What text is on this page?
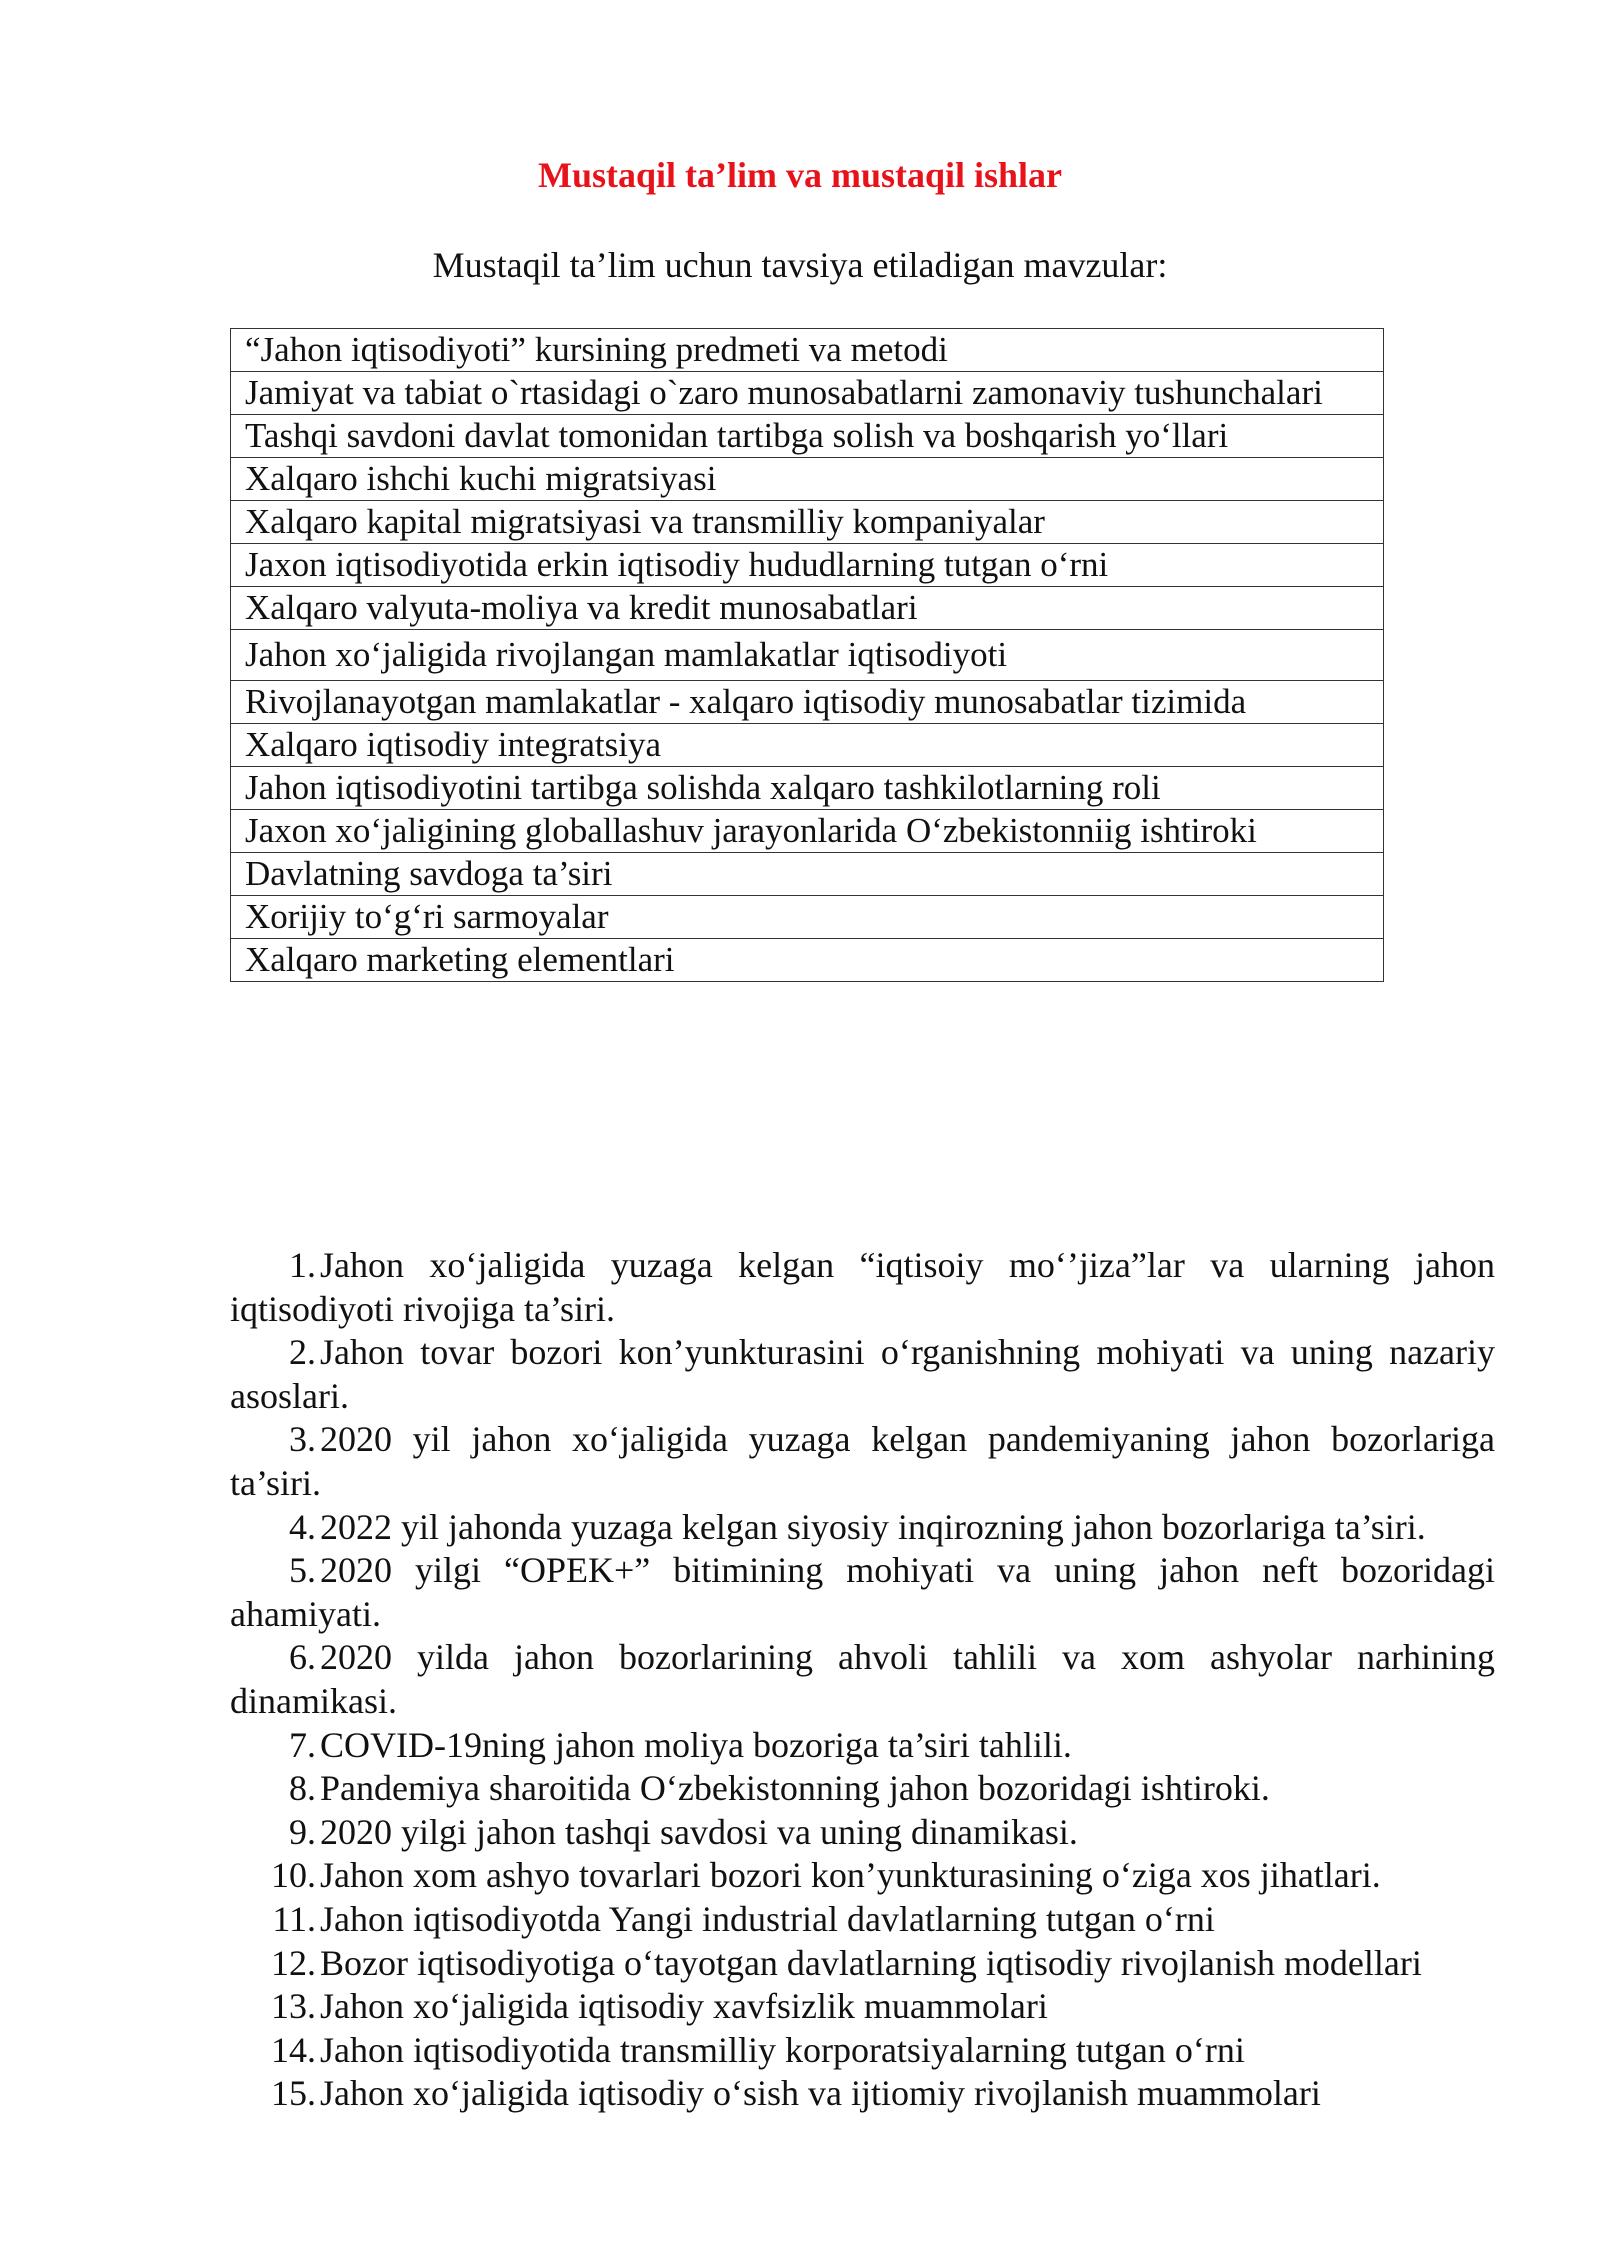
Mustaqil ta’lim va mustaqil ishlar
Mustaqil ta’lim uchun tavsiya etiladigan mavzular:
“Jahon iqtisodiyoti” kursining predmeti va metodi
Jamiyat va tabiat o`rtasidagi o`zaro munosabatlarni zamonaviy tushunchalari
Tashqi savdoni davlat tomonidan tartibga solish va boshqarish yo‘llari
Xalqaro ishchi kuchi migratsiyasi
Xalqaro kapital migratsiyasi va transmilliy kompaniyalar
Jaxon iqtisodiyotida erkin iqtisodiy hududlarning tutgan o‘rni
Xalqaro valyuta-moliya va kredit munosabatlari
Jahon xo‘jaligida rivojlangan mamlakatlar iqtisodiyoti
Rivojlanayotgan mamlakatlar - xalqaro iqtisodiy munosabatlar tizimida
Xalqaro iqtisodiy integratsiya
Jahon iqtisodiyotini tartibga solishda xalqaro tashkilotlarning roli
Jaxon xo‘jaligining globallashuv jarayonlarida O‘zbekistonniig ishtiroki
Davlatning savdoga ta’siri
Xorijiy to‘g‘ri sarmoyalar
Xalqaro marketing elementlari
1. Jahon xo‘jaligida yuzaga kelgan “iqtisoiy mo‘’jiza”lar va ularning jahon iqtisodiyoti rivojiga ta’siri.
2. Jahon tovar bozori kon’yunkturasini o‘rganishning mohiyati va uning nazariy asoslari.
3. 2020 yil jahon xo‘jaligida yuzaga kelgan pandemiyaning jahon bozorlariga ta’siri.
4. 2022 yil jahonda yuzaga kelgan siyosiy inqirozning jahon bozorlariga ta’siri.
5. 2020 yilgi “OPEK+” bitimining mohiyati va uning jahon neft bozoridagi ahamiyati.
6. 2020 yilda jahon bozorlarining ahvoli tahlili va xom ashyolar narhining dinamikasi.
7. COVID-19ning jahon moliya bozoriga ta’siri tahlili.
8. Pandemiya sharoitida O‘zbekistonning jahon bozoridagi ishtiroki.
9. 2020 yilgi jahon tashqi savdosi va uning dinamikasi.
10. Jahon xom ashyo tovarlari bozori kon’yunkturasining o‘ziga xos jihatlari.
11. Jahon iqtisodiyotda Yangi industrial davlatlarning tutgan o‘rni
12. Bozor iqtisodiyotiga o‘tayotgan davlatlarning iqtisodiy rivojlanish modellari
13. Jahon xo‘jaligida iqtisodiy xavfsizlik muammolari
14. Jahon iqtisodiyotida transmilliy korporatsiyalarning tutgan o‘rni
15. Jahon xo‘jaligida iqtisodiy o‘sish va ijtiomiy rivojlanish muammolari
